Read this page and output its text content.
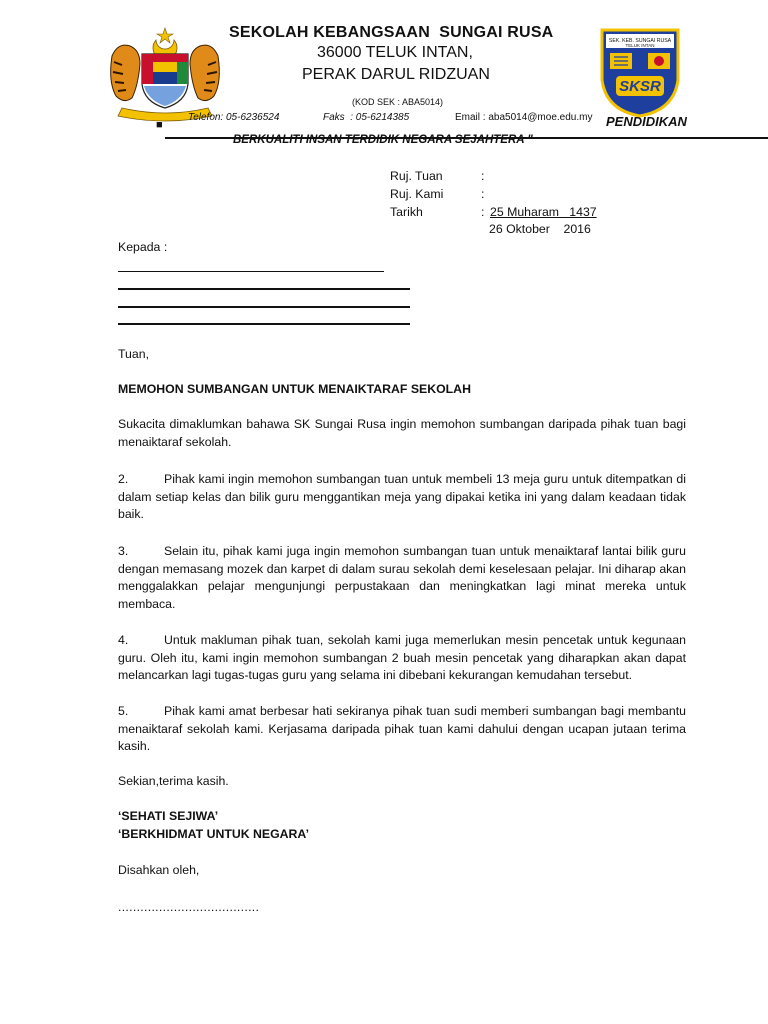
SEKOLAH KEBANGSAAN  SUNGAI RUSA
36000 TELUK INTAN,
PERAK DARUL RIDZUAN
(KOD SEK : ABA5014)
■
Telefon: 05-6236524	Faks  : 05-6214385	Email : aba5014@moe.edu.my
SEK. KEB. SUNGAI RUSA
TELUK INTAN
SKSR
PENDIDIKAN
BERKUALITI INSAN TERDIDIK NEGARA SEJAHTERA "
Ruj. Tuan	:
Ruj. Kami	:
Tarikh	: 25 Muharam   1437
26 Oktober    2016
Kepada :
Tuan,
MEMOHON SUMBANGAN UNTUK MENAIKTARAF SEKOLAH
Sukacita dimaklumkan bahawa SK Sungai Rusa ingin memohon sumbangan daripada pihak tuan bagi menaiktaraf sekolah.
2.	Pihak kami ingin memohon sumbangan tuan untuk membeli 13 meja guru untuk ditempatkan di dalam setiap kelas dan bilik guru menggantikan meja yang dipakai ketika ini yang dalam keadaan tidak baik.
3.	Selain itu, pihak kami juga ingin memohon sumbangan tuan untuk menaiktaraf lantai bilik guru dengan memasang mozek dan karpet di dalam surau sekolah demi keselesaan pelajar. Ini diharap akan menggalakkan pelajar mengunjungi perpustakaan dan meningkatkan lagi minat mereka untuk membaca.
4.	Untuk makluman pihak tuan, sekolah kami juga memerlukan mesin pencetak untuk kegunaan guru. Oleh itu, kami ingin memohon sumbangan 2 buah mesin pencetak yang diharapkan akan dapat melancarkan lagi tugas-tugas guru yang selama ini dibebani kekurangan kemudahan tersebut.
5.	Pihak kami amat berbesar hati sekiranya pihak tuan sudi memberi sumbangan bagi membantu menaiktaraf sekolah kami. Kerjasama daripada pihak tuan kami dahului dengan ucapan jutaan terima kasih.
Sekian,terima kasih.
‘SEHATI SEJIWA’
‘BERKHIDMAT UNTUK NEGARA’
Disahkan oleh,
......................................
